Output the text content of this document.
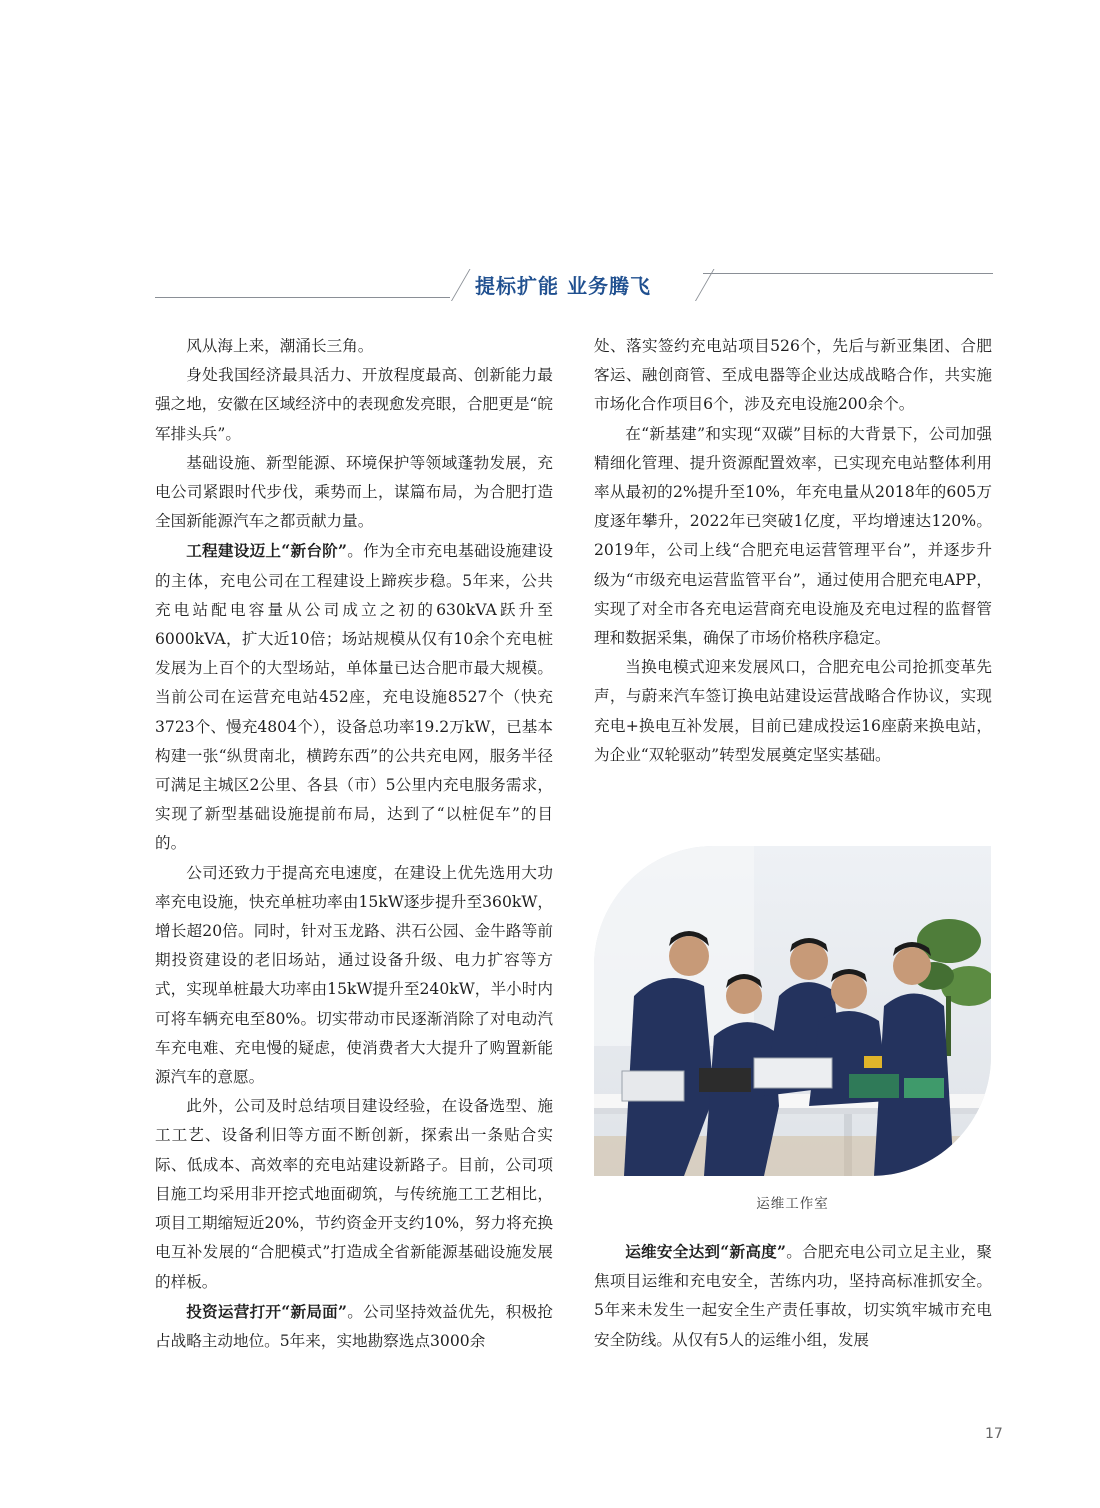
提标扩能 业务腾飞

风从海上来，潮涌长三角。

身处我国经济最具活力、开放程度最高、创新能力最强之地，安徽在区域经济中的表现愈发亮眼，合肥更是“皖军排头兵”。

基础设施、新型能源、环境保护等领域蓬勃发展，充电公司紧跟时代步伐，乘势而上，谋篇布局，为合肥打造全国新能源汽车之都贡献力量。

工程建设迈上“新台阶”。作为全市充电基础设施建设的主体，充电公司在工程建设上蹄疾步稳。5年来，公共充电站配电容量从公司成立之初的630kVA跃升至6000kVA，扩大近10倍；场站规模从仅有10余个充电桩发展为上百个的大型场站，单体量已达合肥市最大规模。当前公司在运营充电站452座，充电设施8527个（快充3723个、慢充4804个），设备总功率19.2万kW，已基本构建一张“纵贯南北，横跨东西”的公共充电网，服务半径可满足主城区2公里、各县（市）5公里内充电服务需求，实现了新型基础设施提前布局，达到了“以桩促车”的目的。

公司还致力于提高充电速度，在建设上优先选用大功率充电设施，快充单桩功率由15kW逐步提升至360kW，增长超20倍。同时，针对玉龙路、洪石公园、金牛路等前期投资建设的老旧场站，通过设备升级、电力扩容等方式，实现单桩最大功率由15kW提升至240kW，半小时内可将车辆充电至80%。切实带动市民逐渐消除了对电动汽车充电难、充电慢的疑虑，使消费者大大提升了购置新能源汽车的意愿。

此外，公司及时总结项目建设经验，在设备选型、施工工艺、设备利旧等方面不断创新，探索出一条贴合实际、低成本、高效率的充电站建设新路子。目前，公司项目施工均采用非开挖式地面砌筑，与传统施工工艺相比，项目工期缩短近20%，节约资金开支约10%，努力将充换电互补发展的“合肥模式”打造成全省新能源基础设施发展的样板。

投资运营打开“新局面”。公司坚持效益优先，积极抢占战略主动地位。5年来，实地勘察选点3000余

处、落实签约充电站项目526个，先后与新亚集团、合肥客运、融创商管、至成电器等企业达成战略合作，共实施市场化合作项目6个，涉及充电设施200余个。

在“新基建”和实现“双碳”目标的大背景下，公司加强精细化管理、提升资源配置效率，已实现充电站整体利用率从最初的2%提升至10%，年充电量从2018年的605万度逐年攀升，2022年已突破1亿度，平均增速达120%。2019年，公司上线“合肥充电运营管理平台”，并逐步升级为“市级充电运营监管平台”，通过使用合肥充电APP，实现了对全市各充电运营商充电设施及充电过程的监督管理和数据采集，确保了市场价格秩序稳定。

当换电模式迎来发展风口，合肥充电公司抢抓变革先声，与蔚来汽车签订换电站建设运营战略合作协议，实现充电+换电互补发展，目前已建成投运16座蔚来换电站，为企业“双轮驱动”转型发展奠定坚实基础。

运维工作室

运维安全达到“新高度”。合肥充电公司立足主业，聚焦项目运维和充电安全，苦练内功，坚持高标准抓安全。5年来未发生一起安全生产责任事故，切实筑牢城市充电安全防线。从仅有5人的运维小组，发展

17
